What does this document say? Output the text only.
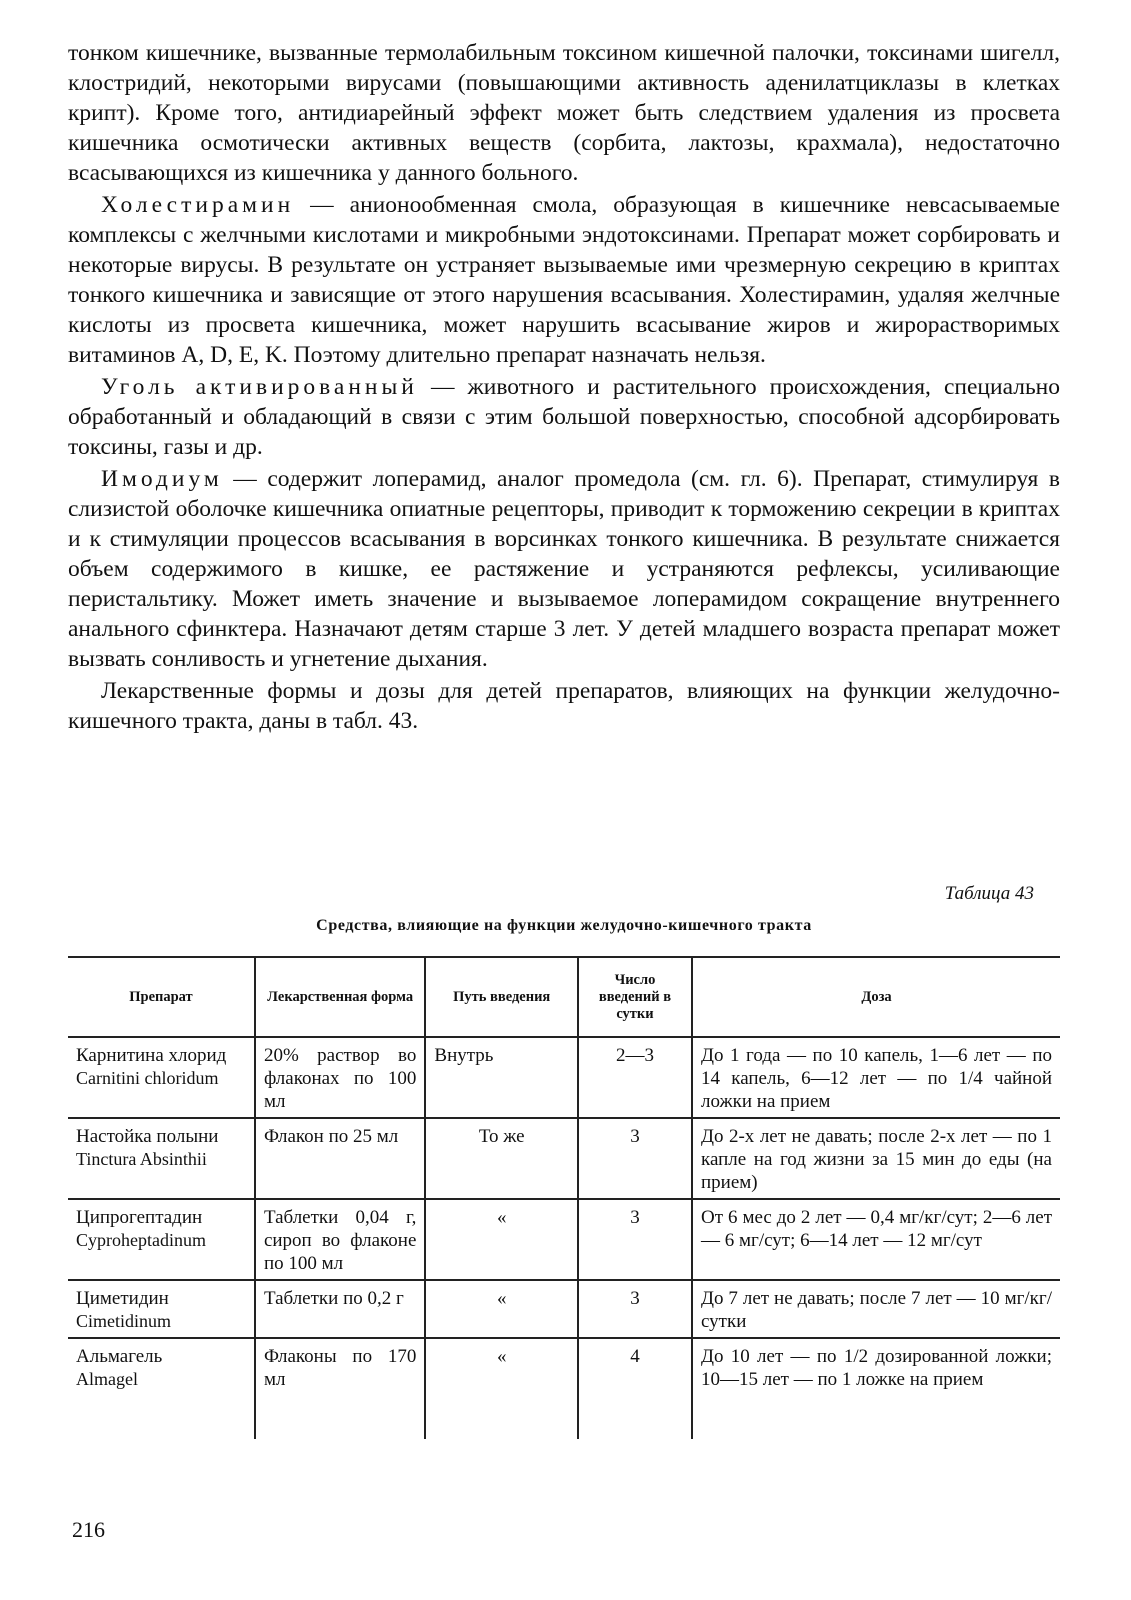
тонком кишечнике, вызванные термолабильным токсином кишечной палочки, токсинами шигелл, клостридий, некоторыми вирусами (повышающими активность аденилатциклазы в клетках крипт). Кроме того, антидиарейный эффект может быть следствием удаления из просвета кишечника осмотически активных веществ (сорбита, лактозы, крахмала), недостаточно всасывающихся из кишечника у данного больного.

Холестирамин — анионообменная смола, образующая в кишечнике невсасываемые комплексы с желчными кислотами и микробными эндотоксинами. Препарат может сорбировать и некоторые вирусы. В результате он устраняет вызываемые ими чрезмерную секрецию в криптах тонкого кишечника и зависящие от этого нарушения всасывания. Холестирамин, удаляя желчные кислоты из просвета кишечника, может нарушить всасывание жиров и жирорастворимых витаминов A, D, E, K. Поэтому длительно препарат назначать нельзя.

Уголь активированный — животного и растительного происхождения, специально обработанный и обладающий в связи с этим большой поверхностью, способной адсорбировать токсины, газы и др.

Имодиум — содержит лоперамид, аналог промедола (см. гл. 6). Препарат, стимулируя в слизистой оболочке кишечника опиатные рецепторы, приводит к торможению секреции в криптах и к стимуляции процессов всасывания в ворсинках тонкого кишечника. В результате снижается объем содержимого в кишке, ее растяжение и устраняются рефлексы, усиливающие перистальтику. Может иметь значение и вызываемое лоперамидом сокращение внутреннего анального сфинктера. Назначают детям старше 3 лет. У детей младшего возраста препарат может вызвать сонливость и угнетение дыхания.

Лекарственные формы и дозы для детей препаратов, влияющих на функции желудочно-кишечного тракта, даны в табл. 43.

Таблица 43
Средства, влияющие на функции желудочно-кишечного тракта
Препарат	Лекарственная форма	Путь введения	Число введений в сутки	Доза

Карнитина хлорид
Carnitini chloridum	20% раствор во флаконах по 100 мл	Внутрь	2—3	До 1 года — по 10 капель, 1—6 лет — по 14 капель, 6—12 лет — по 1/4 чайной ложки на прием

Настойка полыни
Tinctura Absinthii	Флакон по 25 мл	То же	3	До 2-х лет не давать; после 2-х лет — по 1 капле на год жизни за 15 мин до еды (на прием)

Ципрогептадин
Cyproheptadinum	Таблетки 0,04 г, сироп во флаконе по 100 мл	«	3	От 6 мес до 2 лет — 0,4 мг/кг/сут; 2—6 лет — 6 мг/сут; 6—14 лет — 12 мг/сут

Циметидин
Cimetidinum	Таблетки по 0,2 г	«	3	До 7 лет не давать; после 7 лет — 10 мг/кг/сутки

Альмагель
Almagel	Флаконы по 170 мл	«	4	До 10 лет — по 1/2 дозированной ложки; 10—15 лет — по 1 ложке на прием
216
